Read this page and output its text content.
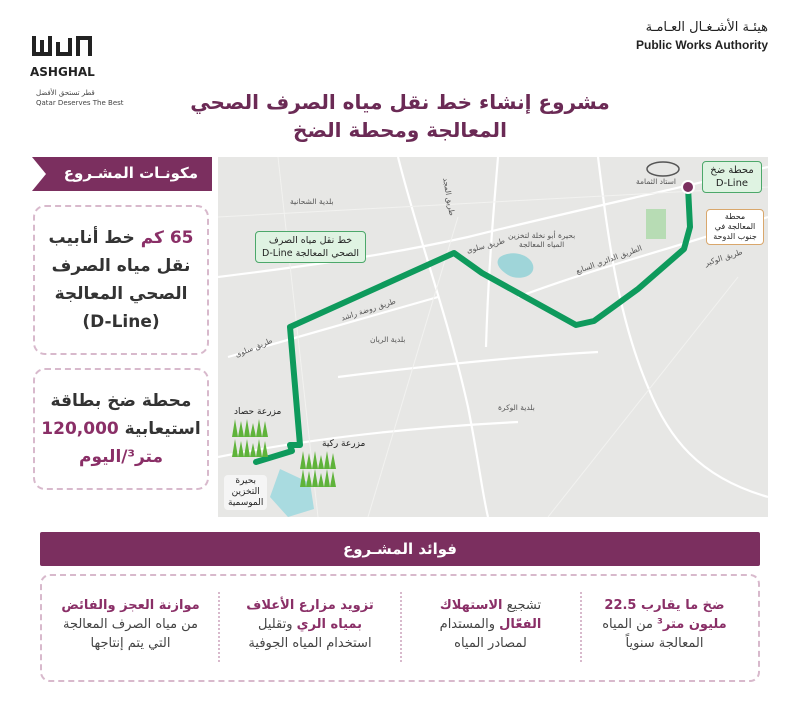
ASHGHAL
قطر تستحق الأفضل
Qatar Deserves The Best
هيئـة الأشـغـال العـامـة
Public Works Authority
مشروع إنشاء خط نقل مياه الصرف الصحي
المعالجة ومحطة الضخ
مكونـات المشـروع
65 كم خط أنابيب
نقل مياه الصرف
الصحي المعالجة
(D-Line)
محطة ضخ بطاقة
استيعابية 120,000
متر³/اليوم
بلدية الشحانية	طريق المجد
طريق سلوى
طريق سلوى
طريق روضة راشد
بلدية الريان
بلدية الوكرة
الطريق الدائري السابع	طريق الوكير
استاد الثمامة
بحيرة أبو نخلة لتخزين
المياه المعالجة
خط نقل مياه الصرف
الصحي المعالجة D-Line
محطة ضخ
D-Line
محطة المعالجة في جنوب الدوحة
مزرعة حصاد
مزرعة ركية
بحيرة
التخزين
الموسمية
فوائد المشـروع
ضخ ما يقارب 22.5
مليون متر³ من المياه
المعالجة سنوياً
تشجيع الاستهلاك
الفعّال والمستدام
لمصادر المياه
تزويد مزارع الأعلاف
بمياه الري وتقليل
استخدام المياه الجوفية
موازنة العجز والفائض
من مياه الصرف المعالجة
التي يتم إنتاجها
